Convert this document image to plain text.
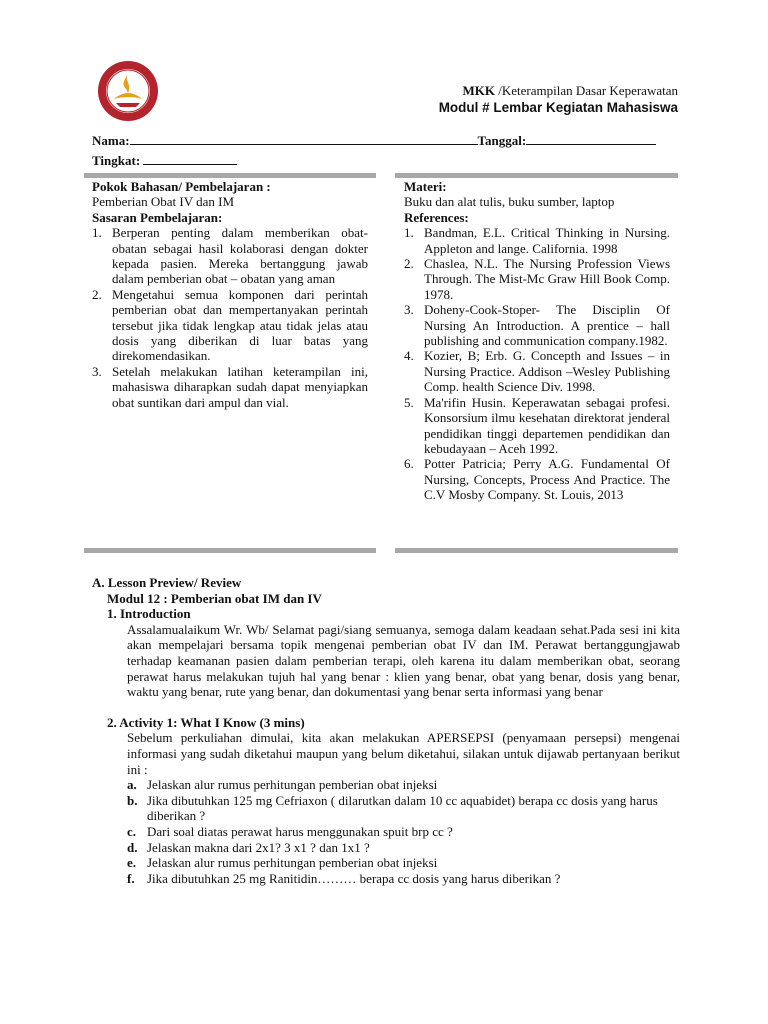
MKK /Keterampilan Dasar Keperawatan
Modul # Lembar Kegiatan Mahasiswa
Nama:	Tanggal:
Tingkat:

Pokok Bahasan/ Pembelajaran :

Pemberian Obat IV dan IM

Sasaran Pembelajaran:

1. Berperan penting dalam memberikan obat-obatan sebagai hasil kolaborasi dengan dokter kepada pasien. Mereka bertanggung jawab dalam pemberian obat – obatan yang aman
2. Mengetahui semua komponen dari perintah pemberian obat dan mempertanyakan perintah tersebut jika tidak lengkap atau tidak jelas atau dosis yang diberikan di luar batas yang direkomendasikan.
3. Setelah melakukan latihan keterampilan ini, mahasiswa diharapkan sudah dapat menyiapkan obat suntikan dari ampul dan vial.

Materi:

Buku dan alat tulis, buku sumber, laptop

References:

1. Bandman, E.L. Critical Thinking in Nursing. Appleton and lange. California. 1998
2. Chaslea, N.L. The Nursing Profession Views Through. The Mist-Mc Graw Hill Book Comp. 1978.
3. Doheny-Cook-Stoper- The Disciplin Of Nursing An Introduction. A prentice – hall publishing and communication company.1982.
4. Kozier, B; Erb. G. Concepth and Issues – in Nursing Practice. Addison –Wesley Publishing Comp. health Science Div. 1998.
5. Ma'rifin Husin. Keperawatan sebagai profesi. Konsorsium ilmu kesehatan direktorat jenderal pendidikan tinggi departemen pendidikan dan kebudayaan – Aceh 1992.
6. Potter Patricia; Perry A.G. Fundamental Of Nursing, Concepts, Process And Practice. The C.V Mosby Company. St. Louis, 2013

A. Lesson Preview/ Review

Modul 12 : Pemberian obat IM dan IV

1. Introduction

Assalamualaikum Wr. Wb/ Selamat pagi/siang semuanya, semoga dalam keadaan sehat.Pada sesi ini kita akan mempelajari bersama topik mengenai pemberian obat IV dan IM. Perawat bertanggungjawab terhadap keamanan pasien dalam pemberian terapi, oleh karena itu dalam memberikan obat, seorang perawat harus melakukan tujuh hal yang benar : klien yang benar, obat yang benar, dosis yang benar, waktu yang benar, rute yang benar, dan dokumentasi yang benar serta informasi yang benar

2. Activity 1: What I Know (3 mins)

Sebelum perkuliahan dimulai, kita akan melakukan APERSEPSI (penyamaan persepsi) mengenai informasi yang sudah diketahui maupun yang belum diketahui, silakan untuk dijawab pertanyaan berikut ini :

a. Jelaskan alur rumus perhitungan pemberian obat injeksi
b. Jika dibutuhkan 125 mg Cefriaxon ( dilarutkan dalam 10 cc aquabidet) berapa cc dosis yang harus diberikan ?
c. Dari soal diatas perawat harus menggunakan spuit brp cc ?
d. Jelaskan makna dari 2x1? 3 x1 ? dan 1x1 ?
e. Jelaskan alur rumus perhitungan pemberian obat injeksi
f. Jika dibutuhkan 25 mg Ranitidin……… berapa cc dosis yang harus diberikan ?
